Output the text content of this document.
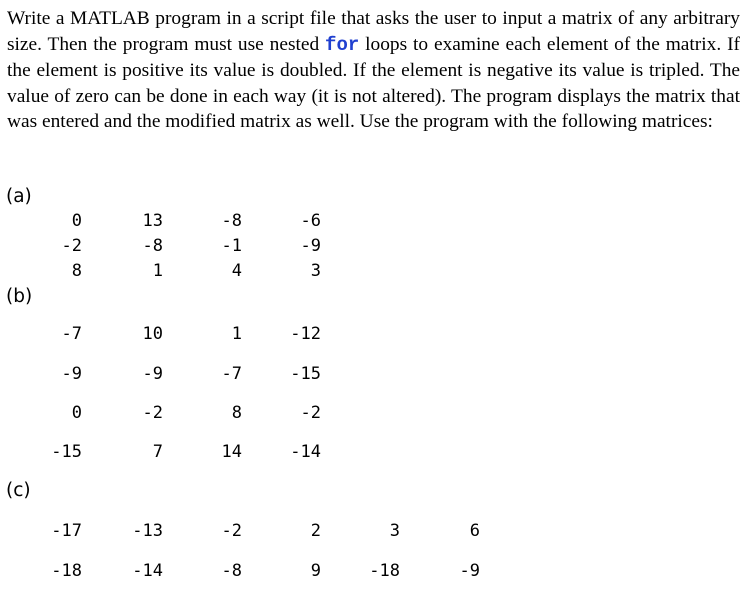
Write a MATLAB program in a script file that asks the user to input a matrix of any arbitrary size. Then the program must use nested for loops to examine each element of the matrix. If the element is positive its value is doubled. If the element is negative its value is tripled. The value of zero can be done in each way (it is not altered). The program displays the matrix that was entered and the modified matrix as well. Use the program with the following matrices:
(a)
(b)
(c)
0	13	-8	-6
-2	-8	-1	-9
8	1	4	3
-7	10	1	-12
-9	-9	-7	-15
0	-2	8	-2
-15	7	14	-14
-17	-13	-2	2	3	6
-18	-14	-8	9	-18	-9
